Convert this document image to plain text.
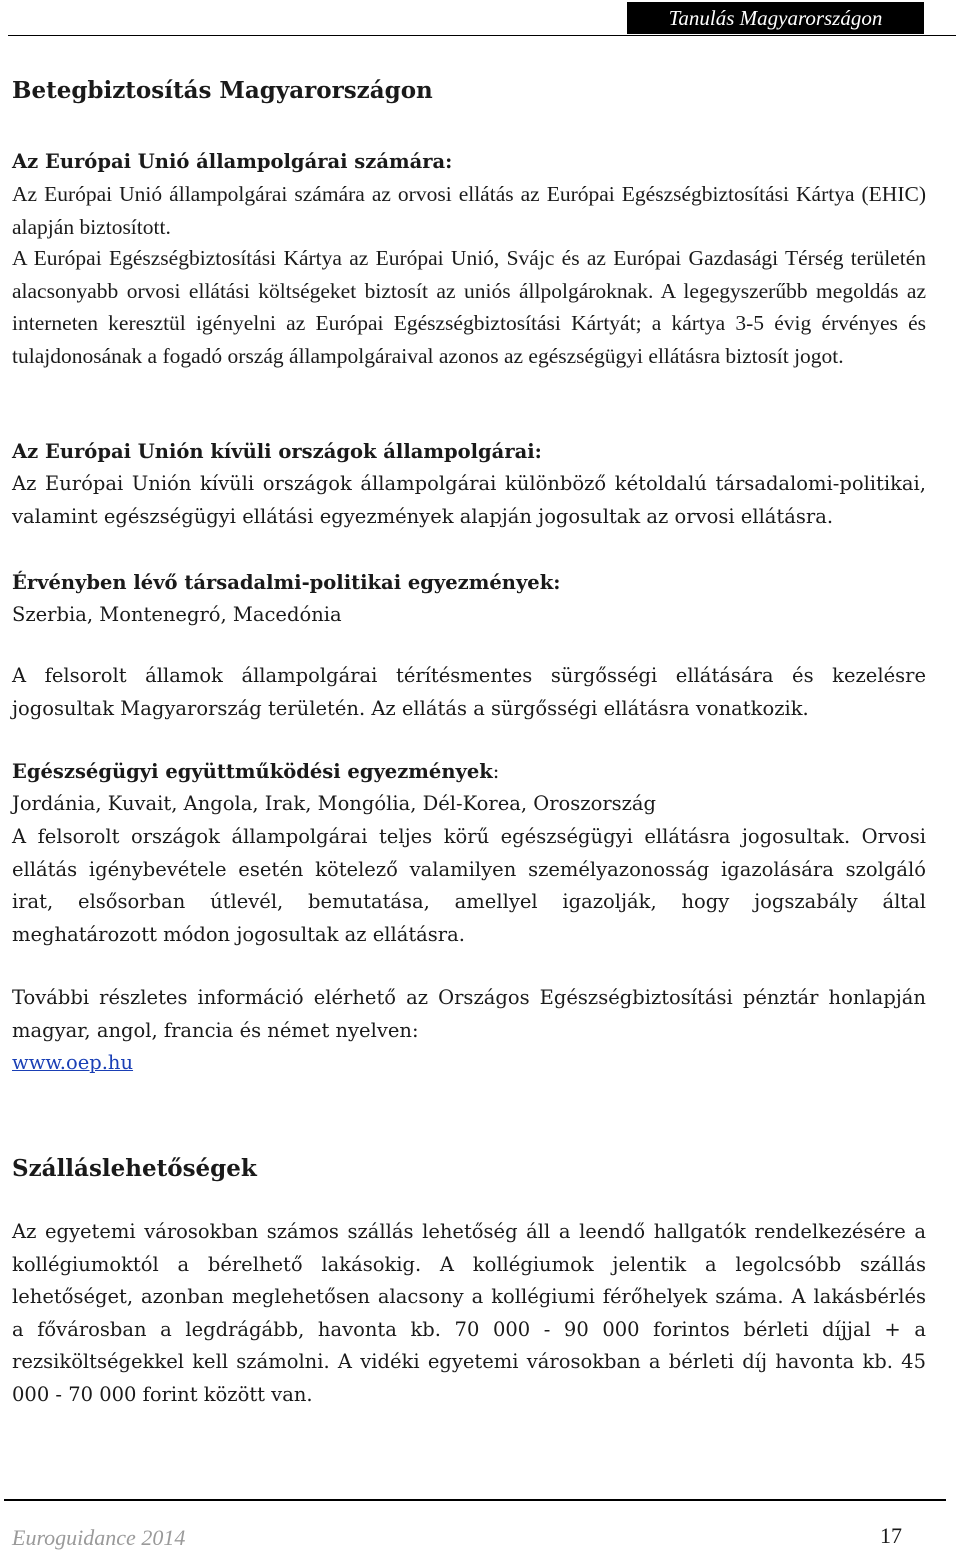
Tanulás Magyarországon
Betegbiztosítás Magyarországon

Az Európai Unió állampolgárai számára:

Az Európai Unió állampolgárai számára az orvosi ellátás az Európai Egészségbiztosítási Kártya (EHIC) alapján biztosított.

A Európai Egészségbiztosítási Kártya az Európai Unió, Svájc és az Európai Gazdasági Térség területén alacsonyabb orvosi ellátási költségeket biztosít az uniós állpolgároknak. A legegyszerűbb megoldás az interneten keresztül igényelni az Európai Egészségbiztosítási Kártyát; a kártya 3-5 évig érvényes és tulajdonosának a fogadó ország állampolgáraival azonos az egészségügyi ellátásra biztosít jogot.

Az Európai Unión kívüli országok állampolgárai:

Az Európai Unión kívüli országok állampolgárai különböző kétoldalú társadalomi-politikai, valamint egészségügyi ellátási egyezmények alapján jogosultak az orvosi ellátásra.

Érvényben lévő társadalmi-politikai egyezmények:

Szerbia, Montenegró, Macedónia

A felsorolt államok állampolgárai térítésmentes sürgősségi ellátására és kezelésre jogosultak Magyarország területén. Az ellátás a sürgősségi ellátásra vonatkozik.

Egészségügyi együttműködési egyezmények:

Jordánia, Kuvait, Angola, Irak, Mongólia, Dél-Korea, Oroszország

A felsorolt országok állampolgárai teljes körű egészségügyi ellátásra jogosultak. Orvosi ellátás igénybevétele esetén kötelező valamilyen személyazonosság igazolására szolgáló irat, elsősorban útlevél, bemutatása, amellyel igazolják, hogy jogszabály által meghatározott módon jogosultak az ellátásra.

További részletes információ elérhető az Országos Egészségbiztosítási pénztár honlapján magyar, angol, francia és német nyelven:

www.oep.hu

Szálláslehetőségek

Az egyetemi városokban számos szállás lehetőség áll a leendő hallgatók rendelkezésére a kollégiumoktól a bérelhető lakásokig. A kollégiumok jelentik a legolcsóbb szállás lehetőséget, azonban meglehetősen alacsony a kollégiumi férőhelyek száma. A lakásbérlés a fővárosban a legdrágább, havonta kb. 70 000 - 90 000 forintos bérleti díjjal + a rezsiköltségekkel kell számolni. A vidéki egyetemi városokban a bérleti díj havonta kb. 45 000 - 70 000 forint között van.

Euroguidance 2014	17
